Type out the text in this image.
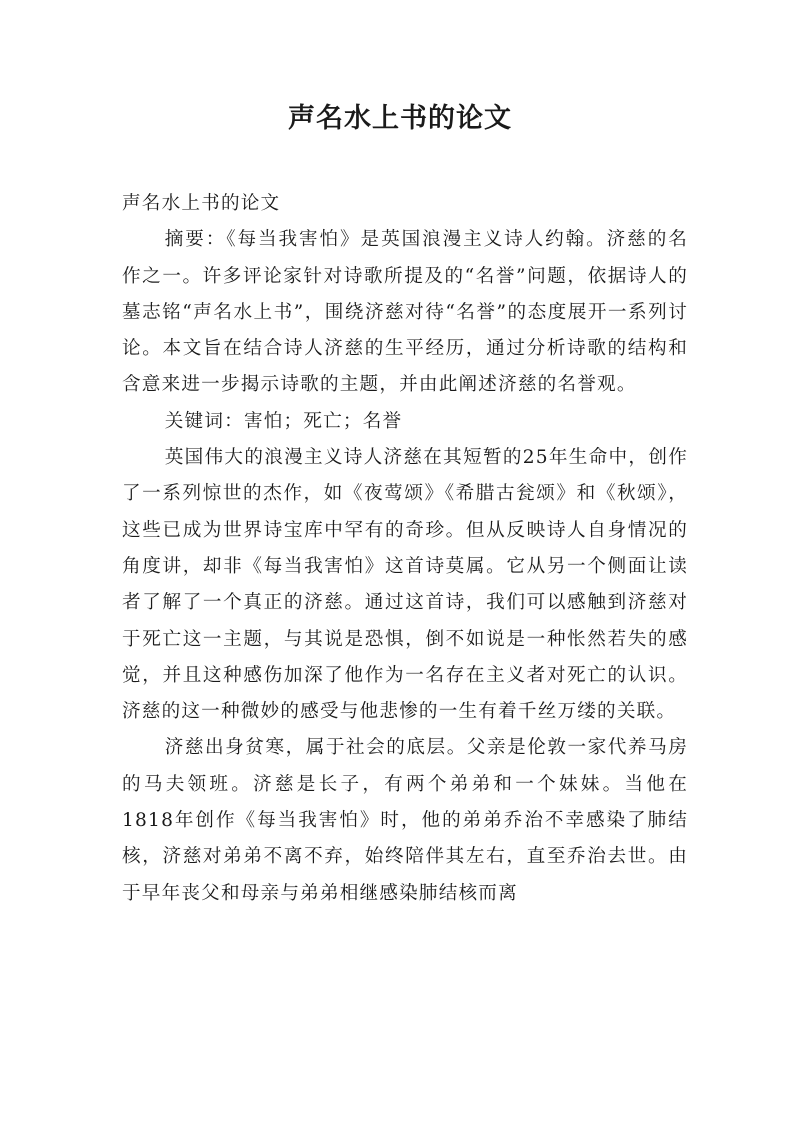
声名水上书的论文

声名水上书的论文

摘要：《每当我害怕》是英国浪漫主义诗人约翰。济慈的名作之一。许多评论家针对诗歌所提及的“名誉”问题，依据诗人的墓志铭“声名水上书”，围绕济慈对待“名誉”的态度展开一系列讨论。本文旨在结合诗人济慈的生平经历，通过分析诗歌的结构和含意来进一步揭示诗歌的主题，并由此阐述济慈的名誉观。

关键词：害怕；死亡；名誉

英国伟大的浪漫主义诗人济慈在其短暂的25年生命中，创作了一系列惊世的杰作，如《夜莺颂》《希腊古瓮颂》和《秋颂》，这些已成为世界诗宝库中罕有的奇珍。但从反映诗人自身情况的角度讲，却非《每当我害怕》这首诗莫属。它从另一个侧面让读者了解了一个真正的济慈。通过这首诗，我们可以感触到济慈对于死亡这一主题，与其说是恐惧，倒不如说是一种怅然若失的感觉，并且这种感伤加深了他作为一名存在主义者对死亡的认识。济慈的这一种微妙的感受与他悲惨的一生有着千丝万缕的关联。

济慈出身贫寒，属于社会的底层。父亲是伦敦一家代养马房的马夫领班。济慈是长子，有两个弟弟和一个妹妹。当他在1818年创作《每当我害怕》时，他的弟弟乔治不幸感染了肺结核，济慈对弟弟不离不弃，始终陪伴其左右，直至乔治去世。由于早年丧父和母亲与弟弟相继感染肺结核而离
